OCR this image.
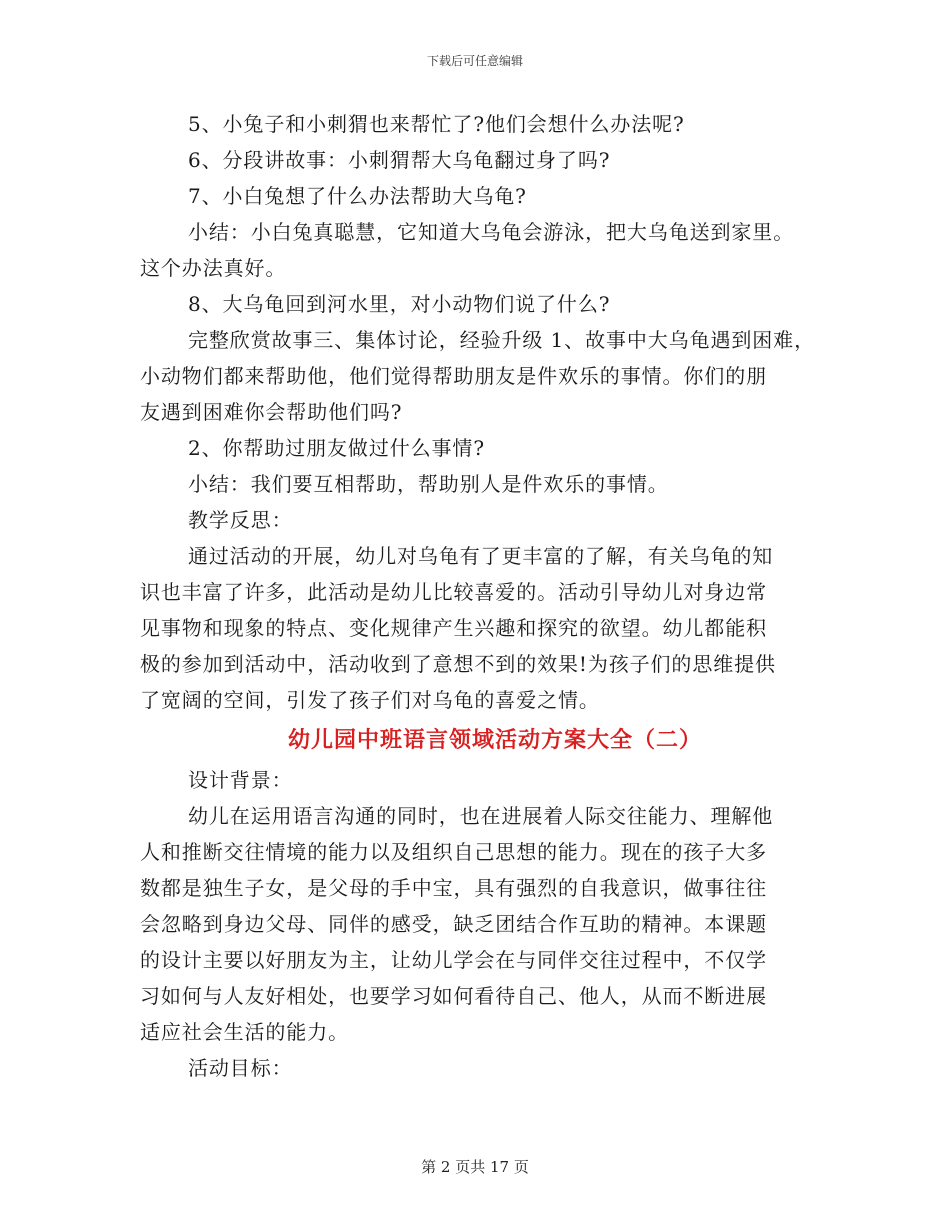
下载后可任意编辑
5、小兔子和小刺猬也来帮忙了?他们会想什么办法呢?
6、分段讲故事：小刺猬帮大乌龟翻过身了吗?
7、小白兔想了什么办法帮助大乌龟?
小结：小白兔真聪慧，它知道大乌龟会游泳，把大乌龟送到家里。
这个办法真好。
8、大乌龟回到河水里，对小动物们说了什么?
完整欣赏故事三、集体讨论，经验升级 1、故事中大乌龟遇到困难，
小动物们都来帮助他，他们觉得帮助朋友是件欢乐的事情。你们的朋
友遇到困难你会帮助他们吗?
2、你帮助过朋友做过什么事情?
小结：我们要互相帮助，帮助别人是件欢乐的事情。
教学反思：
通过活动的开展，幼儿对乌龟有了更丰富的了解，有关乌龟的知
识也丰富了许多，此活动是幼儿比较喜爱的。活动引导幼儿对身边常
见事物和现象的特点、变化规律产生兴趣和探究的欲望。幼儿都能积
极的参加到活动中，活动收到了意想不到的效果!为孩子们的思维提供
了宽阔的空间，引发了孩子们对乌龟的喜爱之情。
幼儿园中班语言领域活动方案大全（二）
设计背景：
幼儿在运用语言沟通的同时，也在进展着人际交往能力、理解他
人和推断交往情境的能力以及组织自己思想的能力。现在的孩子大多
数都是独生子女，是父母的手中宝，具有强烈的自我意识，做事往往
会忽略到身边父母、同伴的感受，缺乏团结合作互助的精神。本课题
的设计主要以好朋友为主，让幼儿学会在与同伴交往过程中，不仅学
习如何与人友好相处，也要学习如何看待自己、他人，从而不断进展
适应社会生活的能力。
活动目标：
第 2 页共 17 页
